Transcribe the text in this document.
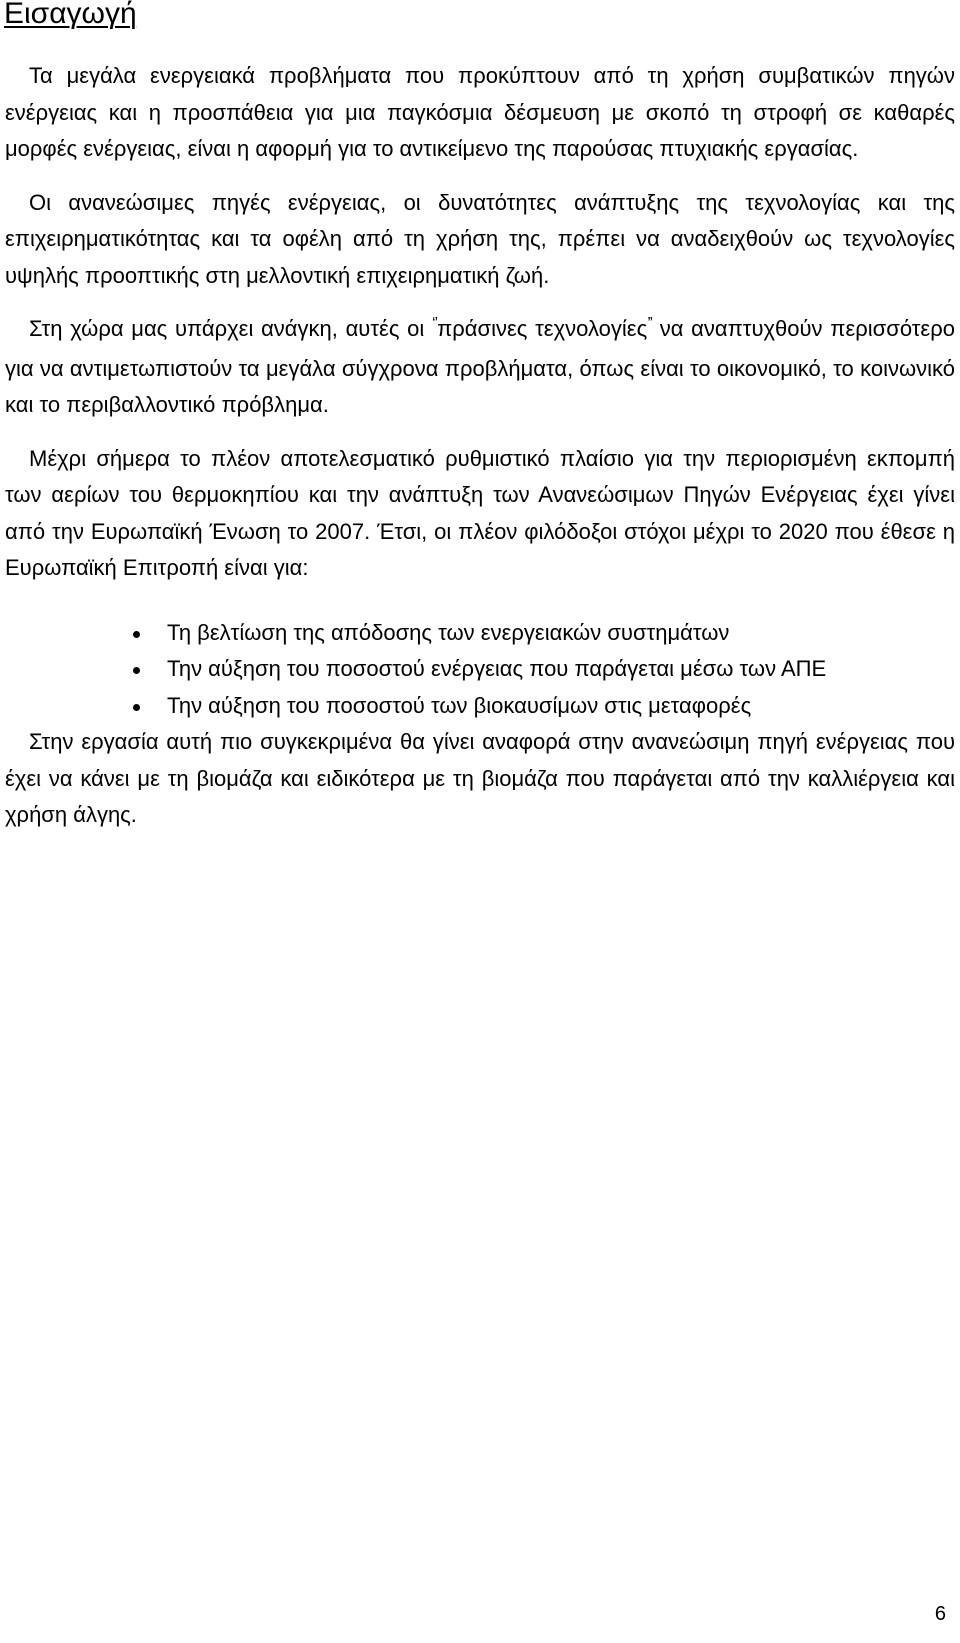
Εισαγωγή

Τα μεγάλα ενεργειακά προβλήματα που προκύπτουν από τη χρήση συμβατικών πηγών ενέργειας και η προσπάθεια για μια παγκόσμια δέσμευση με σκοπό τη στροφή σε καθαρές μορφές ενέργειας, είναι η αφορμή για το αντικείμενο της παρούσας πτυχιακής εργασίας.

Οι ανανεώσιμες πηγές ενέργειας, οι δυνατότητες ανάπτυξης της τεχνολογίας και της επιχειρηματικότητας και τα οφέλη από τη χρήση της, πρέπει να αναδειχθούν ως τεχνολογίες υψηλής προοπτικής στη μελλοντική επιχειρηματική ζωή.

Στη χώρα μας υπάρχει ανάγκη, αυτές οι ‘’πράσινες τεχνολογίες’’ να αναπτυχθούν περισσότερο για να αντιμετωπιστούν τα μεγάλα σύγχρονα προβλήματα, όπως είναι το οικονομικό, το κοινωνικό και το περιβαλλοντικό πρόβλημα.

Μέχρι σήμερα το πλέον αποτελεσματικό ρυθμιστικό πλαίσιο για την περιορισμένη εκπομπή των αερίων του θερμοκηπίου και την ανάπτυξη των Ανανεώσιμων Πηγών Ενέργειας έχει γίνει από την Ευρωπαϊκή Ένωση το 2007. Έτσι, οι πλέον φιλόδοξοι στόχοι μέχρι το 2020 που έθεσε η Ευρωπαϊκή Επιτροπή είναι για:

Τη βελτίωση της απόδοσης των ενεργειακών συστημάτων
Την αύξηση του ποσοστού ενέργειας που παράγεται μέσω των ΑΠΕ
Την αύξηση του ποσοστού των βιοκαυσίμων στις μεταφορές

Στην εργασία αυτή πιο συγκεκριμένα θα γίνει αναφορά στην ανανεώσιμη πηγή ενέργειας που έχει να κάνει με τη βιομάζα και ειδικότερα με τη βιομάζα που παράγεται από την καλλιέργεια και χρήση άλγης.

6
